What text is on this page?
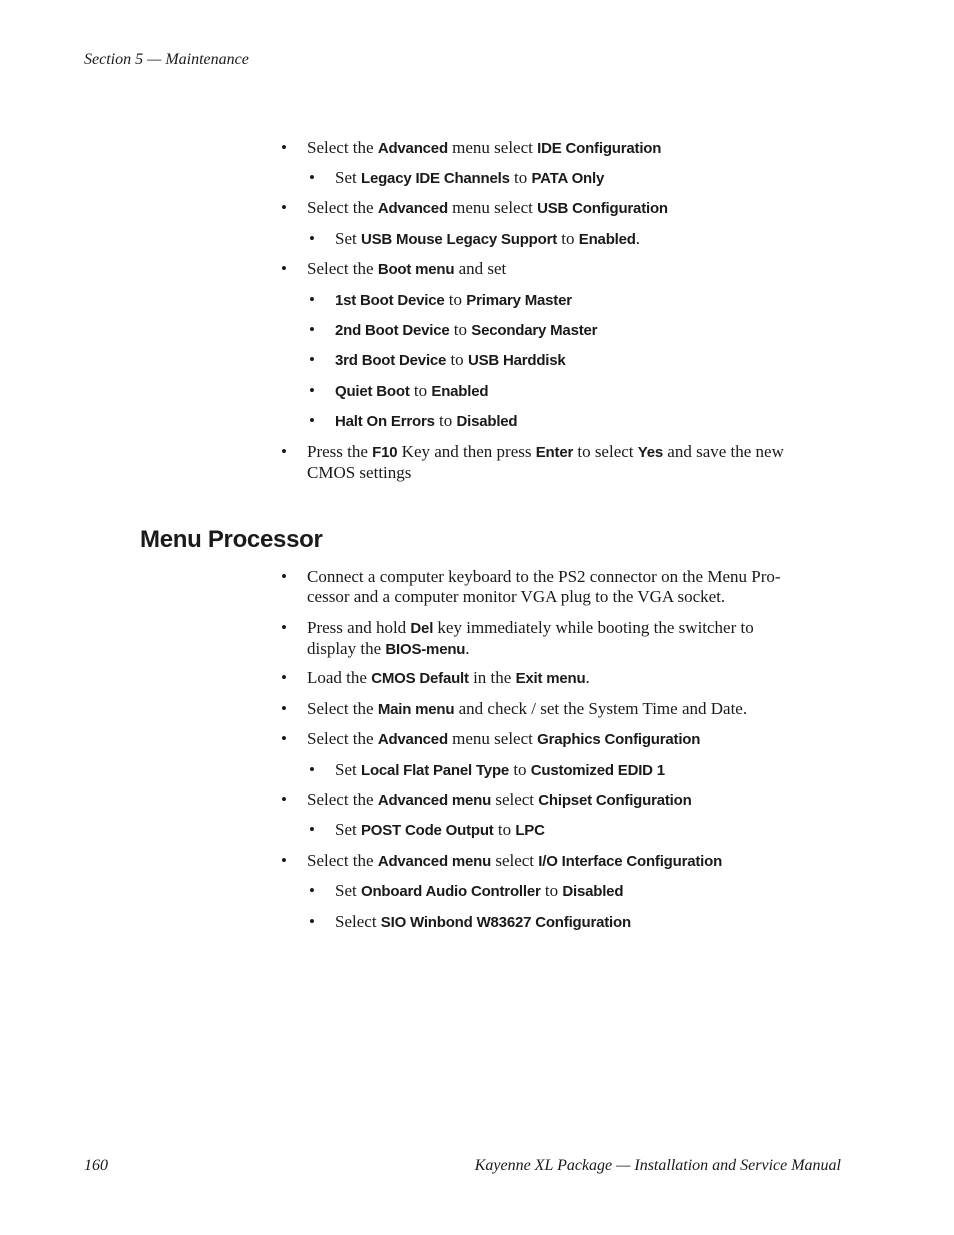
Section 5 — Maintenance
• Select the Advanced menu select IDE Configuration
• Set Legacy IDE Channels to PATA Only
• Select the Advanced menu select USB Configuration
• Set USB Mouse Legacy Support to Enabled.
• Select the Boot menu and set
• 1st Boot Device to Primary Master
• 2nd Boot Device to Secondary Master
• 3rd Boot Device to USB Harddisk
• Quiet Boot to Enabled
• Halt On Errors to Disabled
• Press the F10 Key and then press Enter to select Yes and save the new
CMOS settings
Menu Processor
• Connect a computer keyboard to the PS2 connector on the Menu Pro-
cessor and a computer monitor VGA plug to the VGA socket.
• Press and hold Del key immediately while booting the switcher to
display the BIOS-menu.
• Load the CMOS Default in the Exit menu.
• Select the Main menu and check / set the System Time and Date.
• Select the Advanced menu select Graphics Configuration
• Set Local Flat Panel Type to Customized EDID 1
• Select the Advanced menu select Chipset Configuration
• Set POST Code Output to LPC
• Select the Advanced menu select I/O Interface Configuration
• Set Onboard Audio Controller to Disabled
• Select SIO Winbond W83627 Configuration
160	Kayenne XL Package — Installation and Service Manual
